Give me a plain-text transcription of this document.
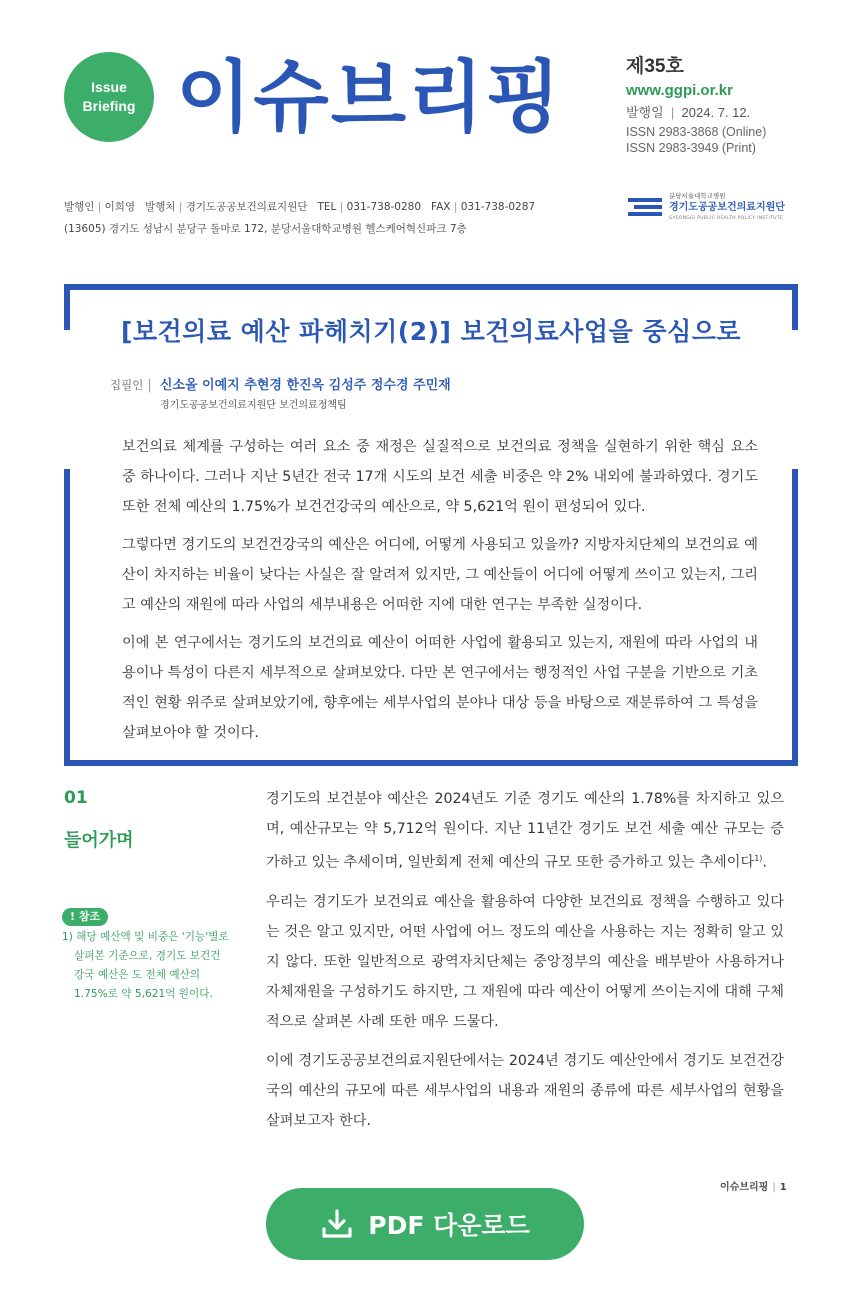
Issue
Briefing 이슈브리핑	제35호
www.ggpi.or.kr
발행일  |  2024. 7. 12.
ISSN 2983-3868 (Online)
ISSN 2983-3949 (Print)
발행인 | 이희영 발행처 | 경기도공공보건의료지원단 TEL | 031-738-0280 FAX | 031-738-0287
(13605) 경기도 성남시 분당구 돌마로 172, 분당서울대학교병원 헬스케어혁신파크 7층
분당서울대학교병원
경기도공공보건의료지원단
GYEONGGI PUBLIC HEALTH POLICY INSTITUTE
[보건의료 예산 파헤치기(2)] 보건의료사업을 중심으로
집필인 | 신소올 이예지 추현경 한진옥 김성주 정수경 주민재
경기도공공보건의료지원단 보건의료정책팀

보건의료 체계를 구성하는 여러 요소 중 재정은 실질적으로 보건의료 정책을 실현하기 위한 핵심 요소 중 하나이다. 그러나 지난 5년간 전국 17개 시도의 보건 세출 비중은 약 2% 내외에 불과하였다. 경기도 또한 전체 예산의 1.75%가 보건건강국의 예산으로, 약 5,621억 원이 편성되어 있다.

그렇다면 경기도의 보건건강국의 예산은 어디에, 어떻게 사용되고 있을까? 지방자치단체의 보건의료 예산이 차지하는 비율이 낮다는 사실은 잘 알려져 있지만, 그 예산들이 어디에 어떻게 쓰이고 있는지, 그리고 예산의 재원에 따라 사업의 세부내용은 어떠한 지에 대한 연구는 부족한 실정이다.

이에 본 연구에서는 경기도의 보건의료 예산이 어떠한 사업에 활용되고 있는지, 재원에 따라 사업의 내용이나 특성이 다른지 세부적으로 살펴보았다. 다만 본 연구에서는 행정적인 사업 구분을 기반으로 기초적인 현황 위주로 살펴보았기에, 향후에는 세부사업의 분야나 대상 등을 바탕으로 재분류하여 그 특성을 살펴보아야 할 것이다.

01
들어가며
! 참조
1) 해당 예산액 및 비중은 '기능'별로 살펴본 기준으로, 경기도 보건건강국 예산은 도 전체 예산의 1.75%로 약 5,621억 원이다.

경기도의 보건분야 예산은 2024년도 기준 경기도 예산의 1.78%를 차지하고 있으며, 예산규모는 약 5,712억 원이다. 지난 11년간 경기도 보건 세출 예산 규모는 증가하고 있는 추세이며, 일반회계 전체 예산의 규모 또한 증가하고 있는 추세이다$^{1)}$.

우리는 경기도가 보건의료 예산을 활용하여 다양한 보건의료 정책을 수행하고 있다는 것은 알고 있지만, 어떤 사업에 어느 정도의 예산을 사용하는 지는 정확히 알고 있지 않다. 또한 일반적으로 광역자치단체는 중앙정부의 예산을 배부받아 사용하거나 자체재원을 구성하기도 하지만, 그 재원에 따라 예산이 어떻게 쓰이는지에 대해 구체적으로 살펴본 사례 또한 매우 드물다.

이에 경기도공공보건의료지원단에서는 2024년 경기도 예산안에서 경기도 보건건강국의 예산의 규모에 따른 세부사업의 내용과 재원의 종류에 따른 세부사업의 현황을 살펴보고자 한다.

이슈브리핑 | 1
PDF 다운로드
